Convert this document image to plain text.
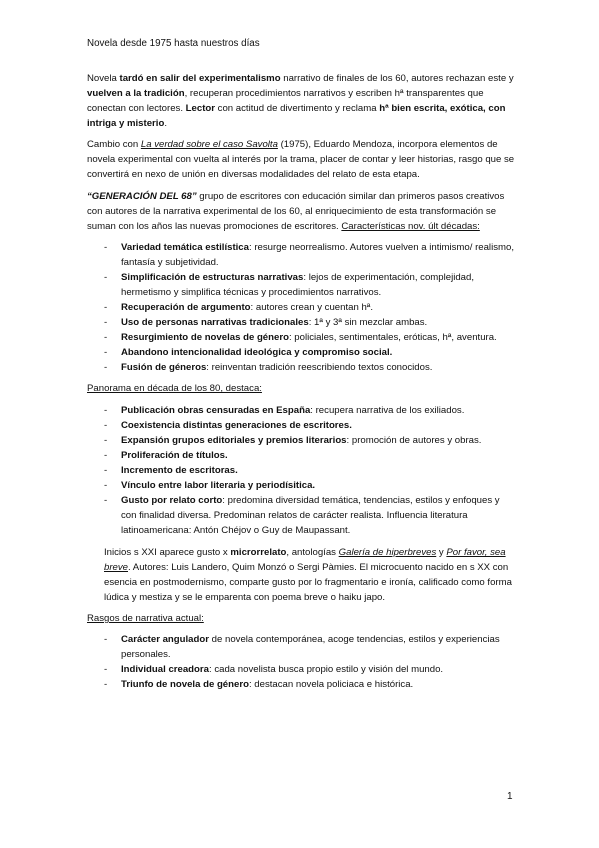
Novela desde 1975 hasta nuestros días

Novela tardó en salir del experimentalismo narrativo de finales de los 60, autores rechazan este y vuelven a la tradición, recuperan procedimientos narrativos y escriben hª transparentes que conectan con lectores. Lector con actitud de divertimento y reclama hª bien escrita, exótica, con intriga y misterio.

Cambio con La verdad sobre el caso Savolta (1975), Eduardo Mendoza, incorpora elementos de novela experimental con vuelta al interés por la trama, placer de contar y leer historias, rasgo que se convertirá en nexo de unión en diversas modalidades del relato de esta etapa.

“GENERACIÓN DEL 68” grupo de escritores con educación similar dan primeros pasos creativos con autores de la narrativa experimental de los 60, al enriquecimiento de esta transformación se suman con los años las nuevas promociones de escritores. Características nov. últ décadas:

- Variedad temática estilística: resurge neorrealismo. Autores vuelven a intimismo/ realismo, fantasía y subjetividad.
- Simplificación de estructuras narrativas: lejos de experimentación, complejidad, hermetismo y simplifica técnicas y procedimientos narrativos.
- Recuperación de argumento: autores crean y cuentan hª.
- Uso de personas narrativas tradicionales: 1ª y 3ª sin mezclar ambas.
- Resurgimiento de novelas de género: policiales, sentimentales, eróticas, hª, aventura.
- Abandono intencionalidad ideológica y compromiso social.
- Fusión de géneros: reinventan tradición reescribiendo textos conocidos.

Panorama en década de los 80, destaca:

- Publicación obras censuradas en España: recupera narrativa de los exiliados.
- Coexistencia distintas generaciones de escritores.
- Expansión grupos editoriales y premios literarios: promoción de autores y obras.
- Proliferación de títulos.
- Incremento de escritoras.
- Vínculo entre labor literaria y periodísitica.
- Gusto por relato corto: predomina diversidad temática, tendencias, estilos y enfoques y con finalidad diversa. Predominan relatos de carácter realista. Influencia literatura latinoamericana: Antón Chéjov o Guy de Maupassant.

Inicios s XXI aparece gusto x microrrelato, antologías Galería de hiperbreves y Por favor, sea breve. Autores: Luis Landero, Quim Monzó o Sergi Pàmies. El microcuento nacido en s XX con esencia en postmodernismo, comparte gusto por lo fragmentario e ironía, calificado como forma lúdica y mestiza y se le emparenta con poema breve o haiku japo.

Rasgos de narrativa actual:

- Carácter angulador de novela contemporánea, acoge tendencias, estilos y experiencias personales.
- Individual creadora: cada novelista busca propio estilo y visión del mundo.
- Triunfo de novela de género: destacan novela policiaca e histórica.
1
